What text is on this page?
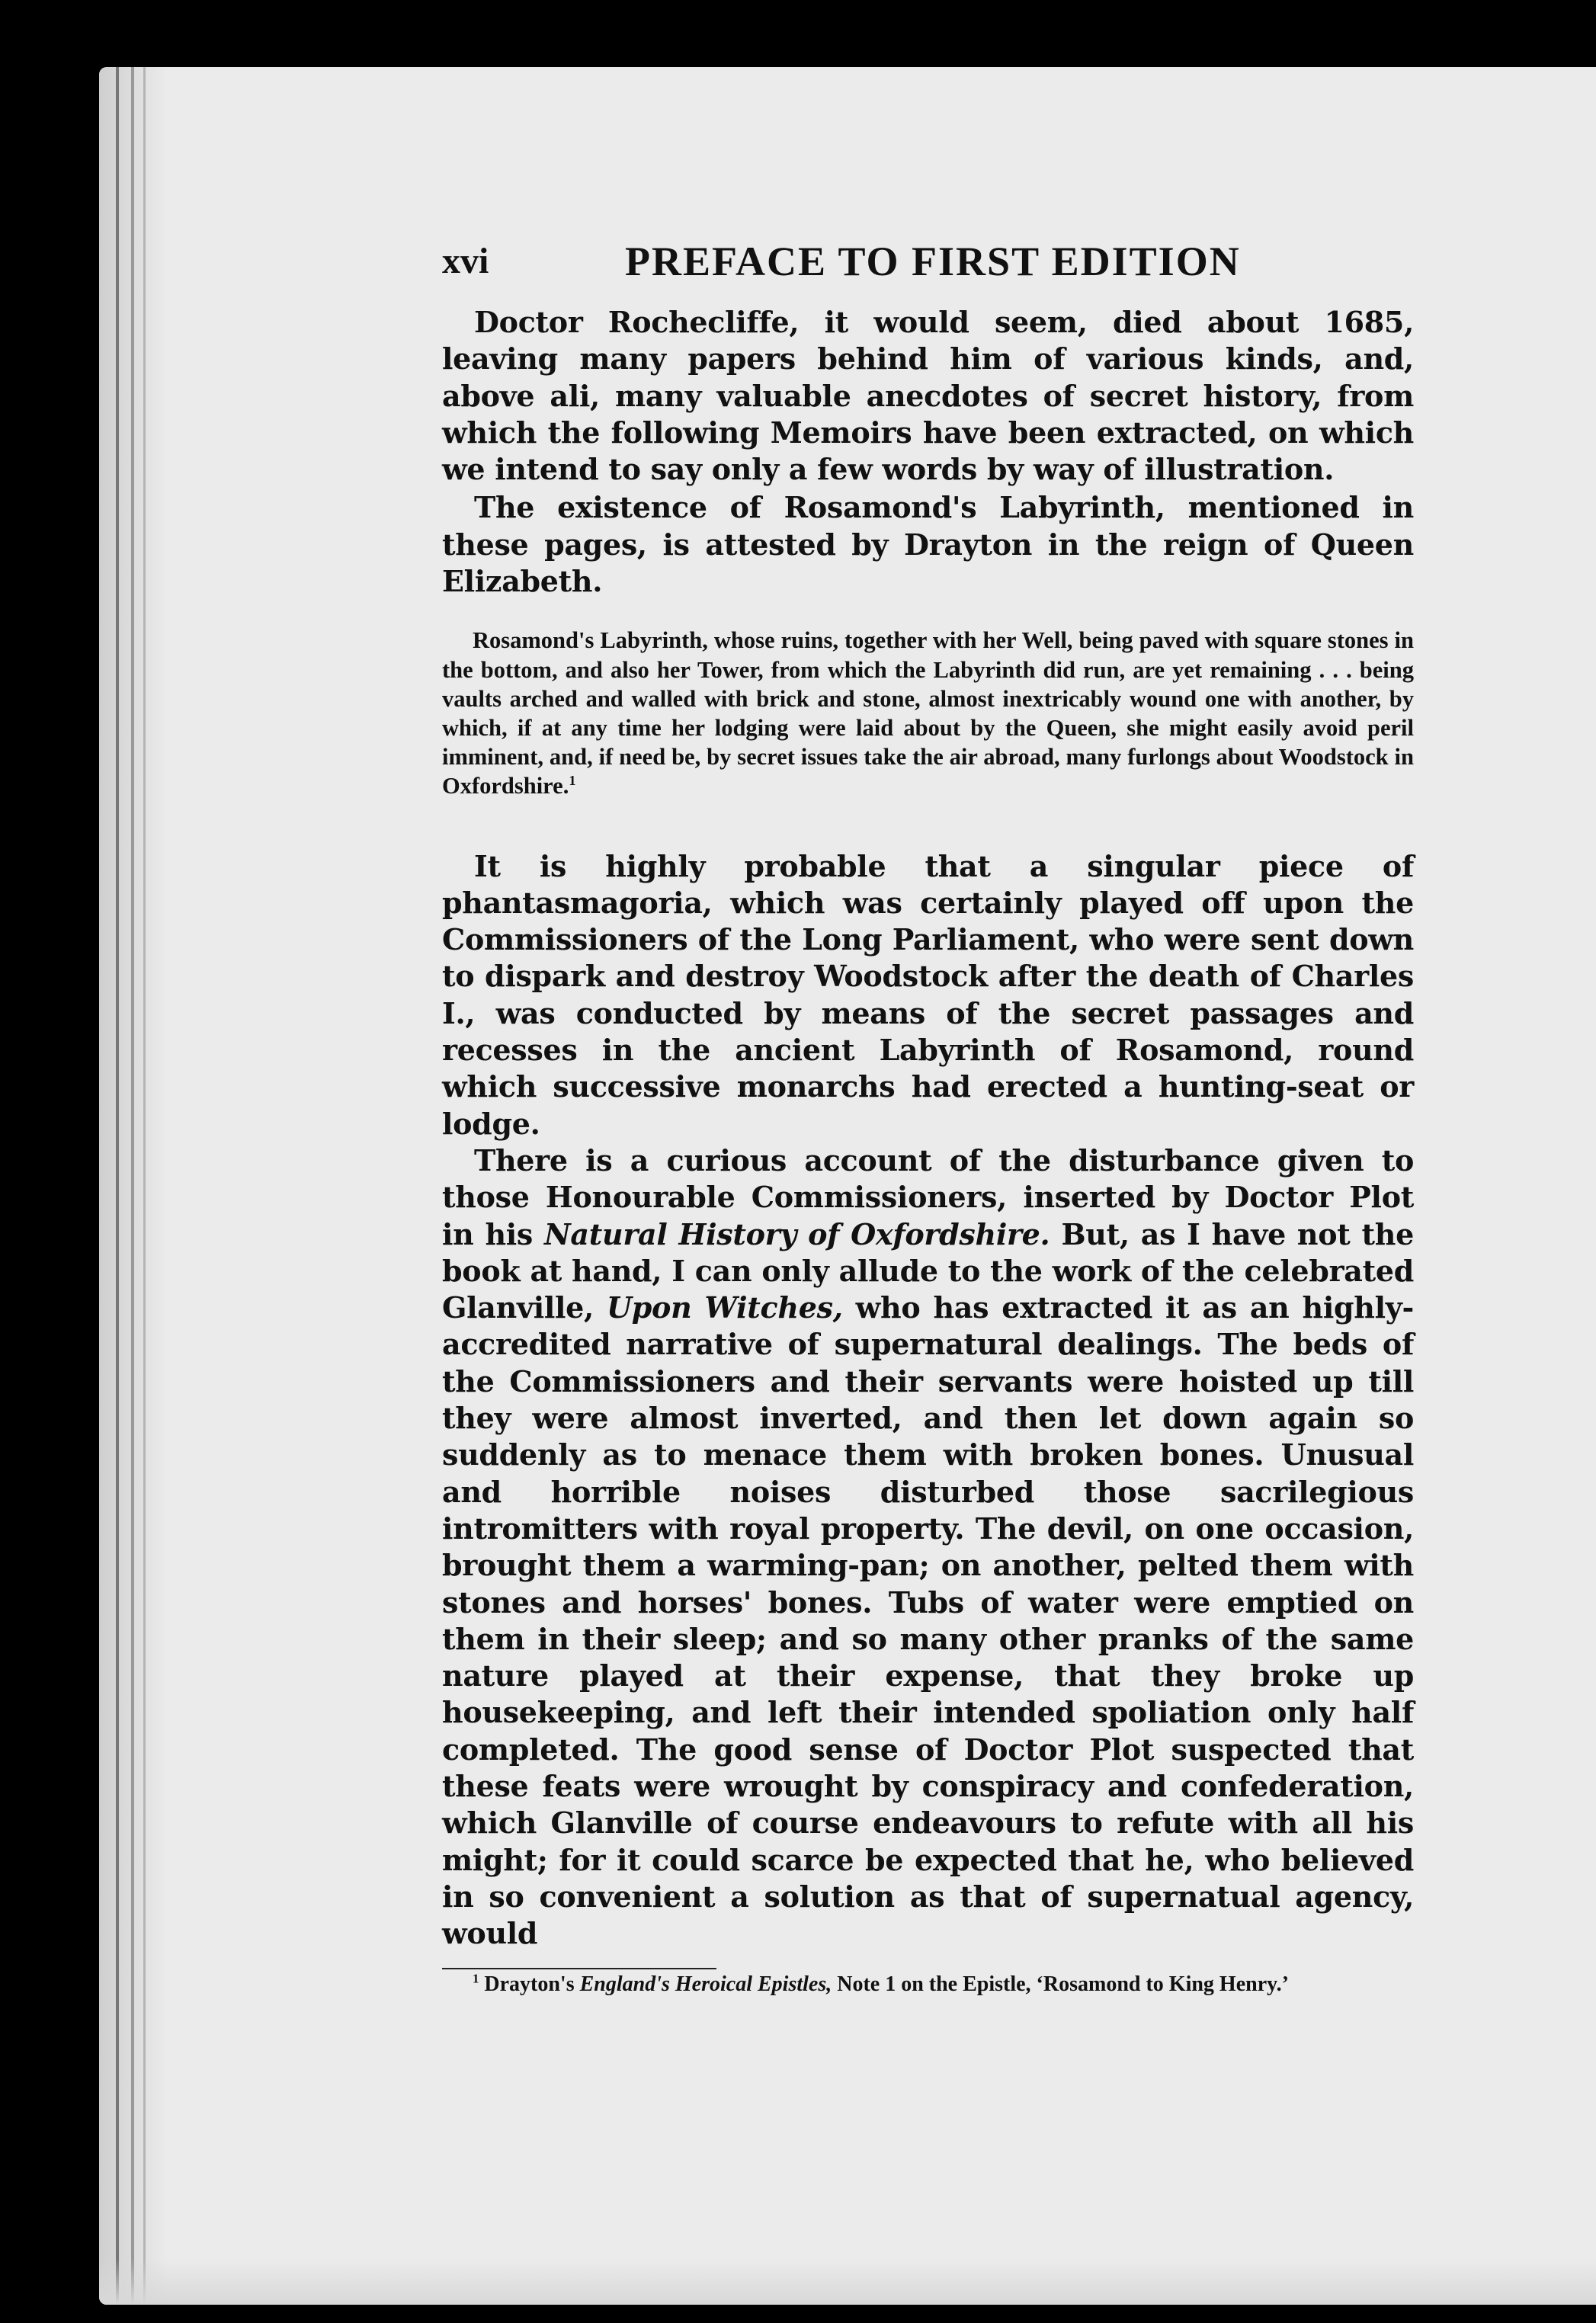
xvi	PREFACE TO FIRST EDITION

Doctor Rochecliffe, it would seem, died about 1685, leaving many papers behind him of various kinds, and, above ali, many valuable anecdotes of secret history, from which the following Memoirs have been extracted, on which we intend to say only a few words by way of illustration.

The existence of Rosamond's Labyrinth, mentioned in these pages, is attested by Drayton in the reign of Queen Elizabeth.

Rosamond's Labyrinth, whose ruins, together with her Well, being paved with square stones in the bottom, and also her Tower, from which the Labyrinth did run, are yet remaining . . . being vaults arched and walled with brick and stone, almost inextricably wound one with another, by which, if at any time her lodging were laid about by the Queen, she might easily avoid peril imminent, and, if need be, by secret issues take the air abroad, many furlongs about Woodstock in Oxfordshire.$^1$

It is highly probable that a singular piece of phantasmagoria, which was certainly played off upon the Commissioners of the Long Parliament, who were sent down to dispark and destroy Woodstock after the death of Charles I., was conducted by means of the secret passages and recesses in the ancient Labyrinth of Rosamond, round which successive monarchs had erected a hunting-seat or lodge.

There is a curious account of the disturbance given to those Honourable Commissioners, inserted by Doctor Plot in his Natural History of Oxfordshire. But, as I have not the book at hand, I can only allude to the work of the celebrated Glanville, Upon Witches, who has extracted it as an highly-accredited narrative of supernatural dealings. The beds of the Commissioners and their servants were hoisted up till they were almost inverted, and then let down again so suddenly as to menace them with broken bones. Unusual and horrible noises disturbed those sacrilegious intromitters with royal property. The devil, on one occasion, brought them a warming-pan; on another, pelted them with stones and horses' bones. Tubs of water were emptied on them in their sleep; and so many other pranks of the same nature played at their expense, that they broke up housekeeping, and left their intended spoliation only half completed. The good sense of Doctor Plot suspected that these feats were wrought by conspiracy and confederation, which Glanville of course endeavours to refute with all his might; for it could scarce be expected that he, who believed in so convenient a solution as that of supernatual agency, would

$^1$ Drayton's England's Heroical Epistles, Note 1 on the Epistle, ‘Rosamond to King Henry.’
